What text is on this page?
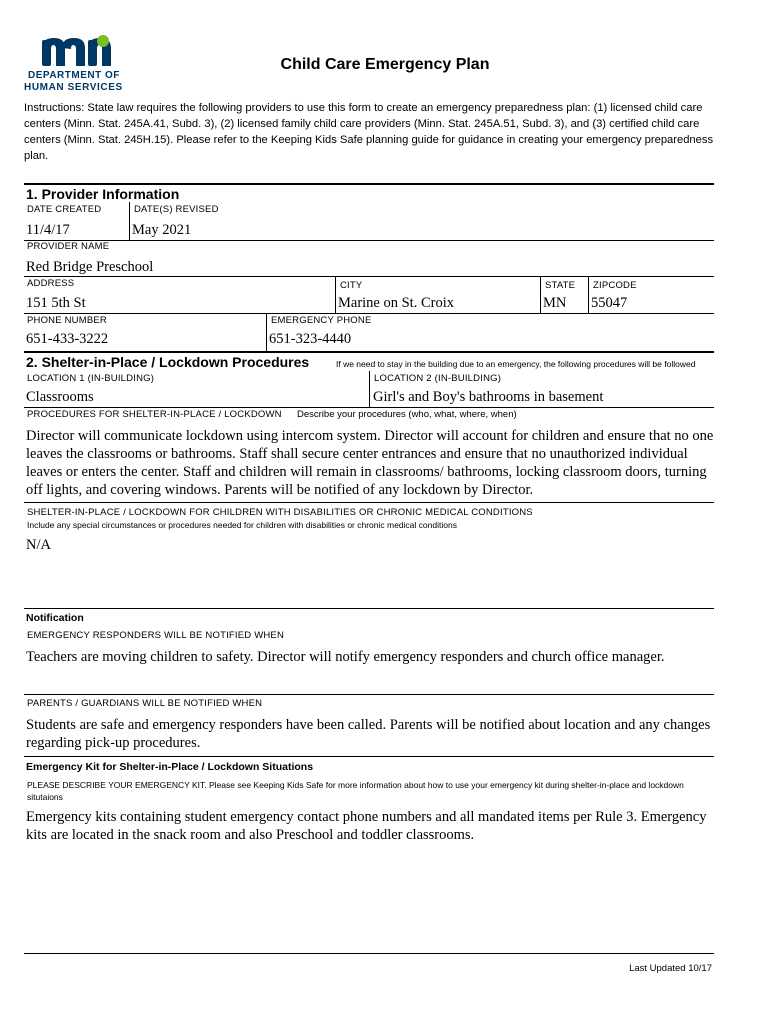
DEPARTMENT OF
HUMAN SERVICES
Child Care Emergency Plan
Instructions: State law requires the following providers to use this form to create an emergency preparedness plan: (1) licensed child care centers (Minn. Stat. 245A.41, Subd. 3), (2) licensed family child care providers (Minn. Stat. 245A.51, Subd. 3), and (3) certified child care centers (Minn. Stat. 245H.15). Please refer to the Keeping Kids Safe planning guide for guidance in creating your emergency preparedness plan.
1. Provider Information
DATE CREATED	DATE(S) REVISED
11/4/17	May 2021
PROVIDER NAME
Red Bridge Preschool
ADDRESS	CITY	STATE ZIPCODE
151 5th St	Marine on St. Croix	MN 55047
PHONE NUMBER	EMERGENCY PHONE
651-433-3222	651-323-4440
2. Shelter-in-Place / Lockdown Procedures	If we need to stay in the building due to an emergency, the following procedures will be followed
LOCATION 1 (IN-BUILDING)	LOCATION 2 (IN-BUILDING)
Classrooms	Girl's and Boy's bathrooms in basement
PROCEDURES FOR SHELTER-IN-PLACE / LOCKDOWN Describe your procedures (who, what, where, when)
Director will communicate lockdown using intercom system. Director will account for children and ensure that no one leaves the classrooms or bathrooms. Staff shall secure center entrances and ensure that no unauthorized individual leaves or enters the center. Staff and children will remain in classrooms/ bathrooms, locking classroom doors, turning off lights, and covering windows. Parents will be notified of any lockdown by Director.
SHELTER-IN-PLACE / LOCKDOWN FOR CHILDREN WITH DISABILITIES OR CHRONIC MEDICAL CONDITIONS
Include any special circumstances or procedures needed for children with disabilities or chronic medical conditions
N/A
Notification
EMERGENCY RESPONDERS WILL BE NOTIFIED WHEN
Teachers are moving children to safety. Director will notify emergency responders and church office manager.
PARENTS / GUARDIANS WILL BE NOTIFIED WHEN
Students are safe and emergency responders have been called. Parents will be notified about location and any changes regarding pick-up procedures.
Emergency Kit for Shelter-in-Place / Lockdown Situations
PLEASE DESCRIBE YOUR EMERGENCY KIT. Please see Keeping Kids Safe for more information about how to use your emergency kit during shelter-in-place and lockdown situtaions
Emergency kits containing student emergency contact phone numbers and all mandated items per Rule 3. Emergency kits are located in the snack room and also Preschool and toddler classrooms.
Last Updated 10/17
